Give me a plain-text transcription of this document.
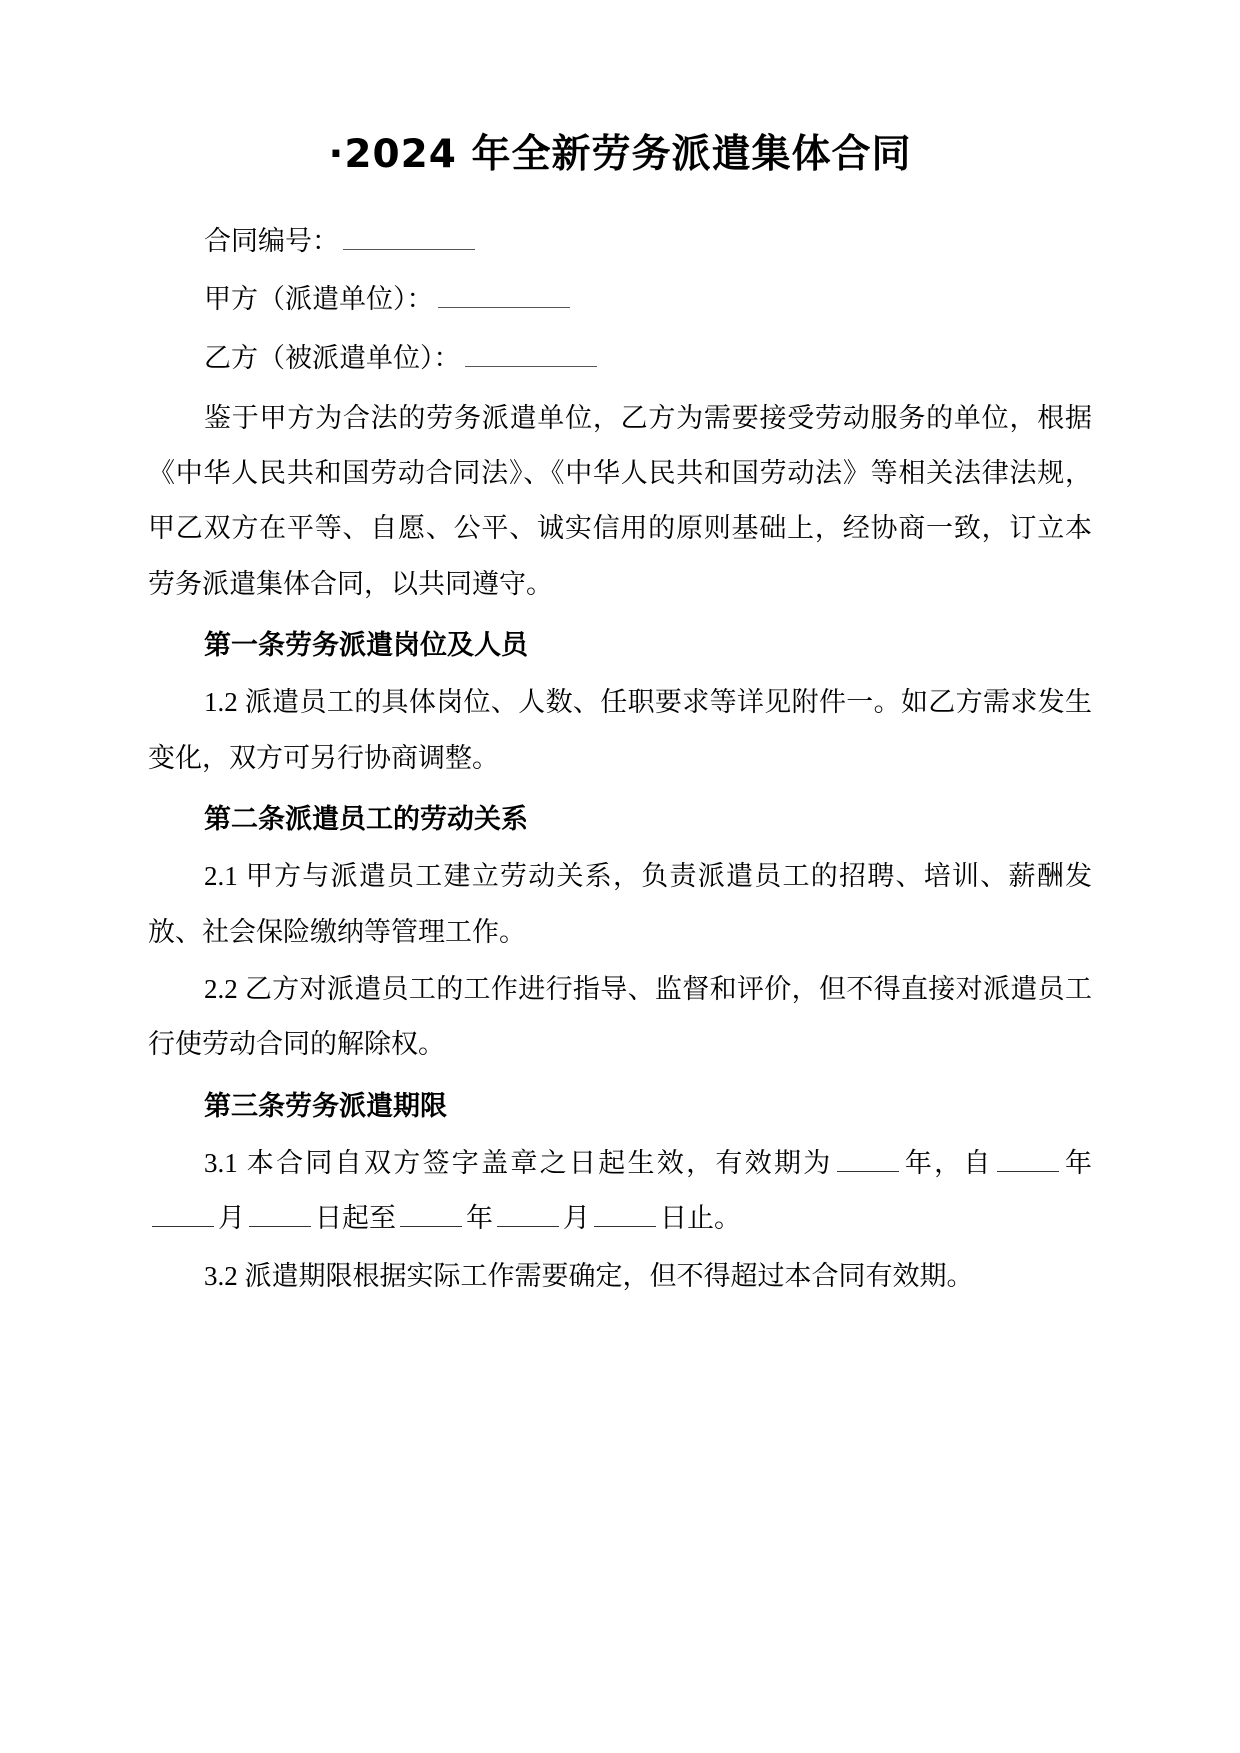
·2024 年全新劳务派遣集体合同

合同编号：

甲方（派遣单位）：

乙方（被派遣单位）：

鉴于甲方为合法的劳务派遣单位，乙方为需要接受劳动服务的单位，根据《中华人民共和国劳动合同法》、《中华人民共和国劳动法》等相关法律法规，甲乙双方在平等、自愿、公平、诚实信用的原则基础上，经协商一致，订立本劳务派遣集体合同，以共同遵守。

第一条劳务派遣岗位及人员

1.2 派遣员工的具体岗位、人数、任职要求等详见附件一。如乙方需求发生变化，双方可另行协商调整。

第二条派遣员工的劳动关系

2.1 甲方与派遣员工建立劳动关系，负责派遣员工的招聘、培训、薪酬发放、社会保险缴纳等管理工作。

2.2 乙方对派遣员工的工作进行指导、监督和评价，但不得直接对派遣员工行使劳动合同的解除权。

第三条劳务派遣期限

3.1 本合同自双方签字盖章之日起生效，有效期为	年，自	年月	日起至	年	月	日止。

3.2 派遣期限根据实际工作需要确定，但不得超过本合同有效期。
